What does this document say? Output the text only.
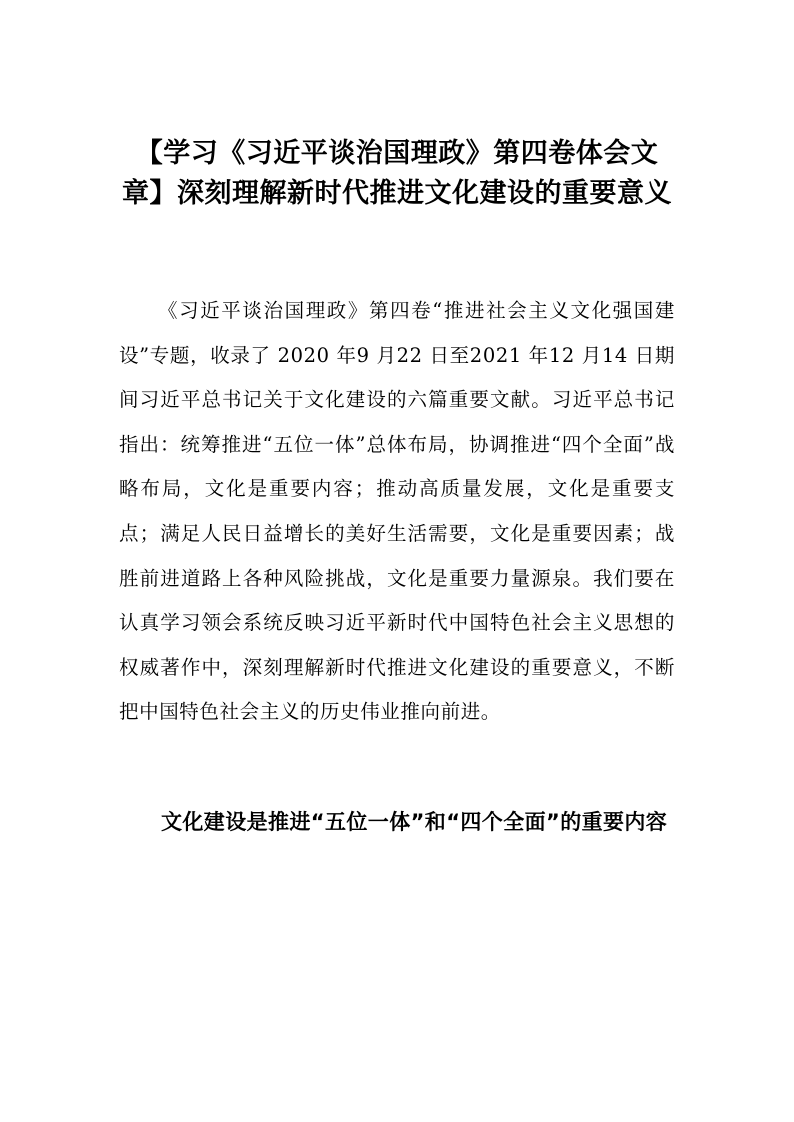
【学习《习近平谈治国理政》第四卷体会文章】深刻理解新时代推进文化建设的重要意义

《习近平谈治国理政》第四卷“推进社会主义文化强国建设”专题，收录了 2020 年9 月22 日至2021 年12 月14 日期间习近平总书记关于文化建设的六篇重要文献。习近平总书记指出：统筹推进“五位一体”总体布局，协调推进“四个全面”战略布局，文化是重要内容；推动高质量发展，文化是重要支点；满足人民日益增长的美好生活需要，文化是重要因素；战胜前进道路上各种风险挑战，文化是重要力量源泉。我们要在认真学习领会系统反映习近平新时代中国特色社会主义思想的权威著作中，深刻理解新时代推进文化建设的重要意义，不断把中国特色社会主义的历史伟业推向前进。

文化建设是推进“五位一体”和“四个全面”的重要内容
